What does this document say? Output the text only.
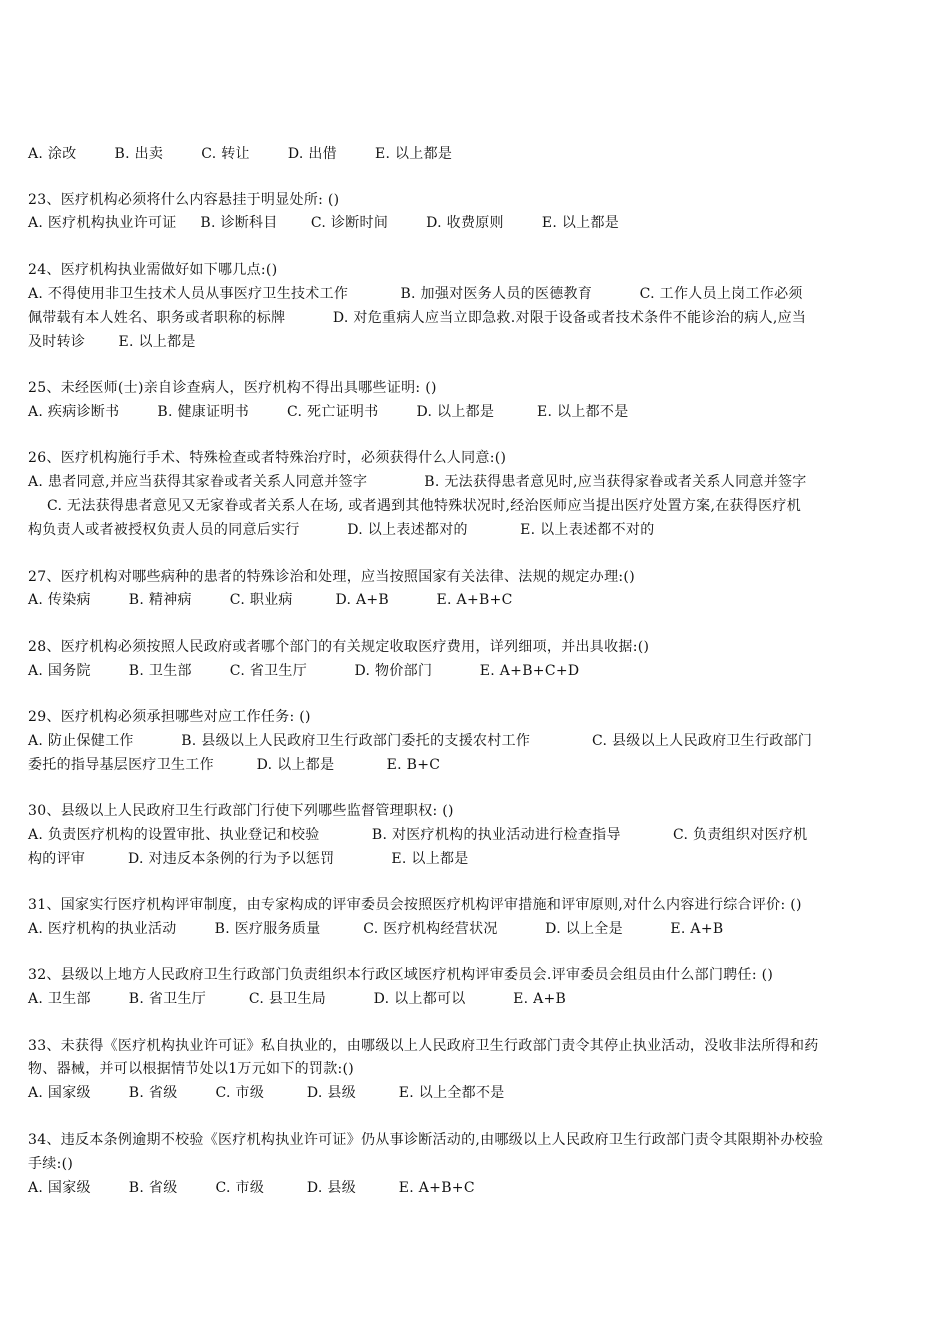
A. 涂改        B. 出卖        C. 转让        D. 出借        E. 以上都是
23、医疗机构必须将什么内容悬挂于明显处所: ()
A. 医疗机构执业许可证     B. 诊断科目       C. 诊断时间        D. 收费原则        E. 以上都是
24、医疗机构执业需做好如下哪几点:()
A. 不得使用非卫生技术人员从事医疗卫生技术工作           B. 加强对医务人员的医德教育          C. 工作人员上岗工作必须
佩带载有本人姓名、职务或者职称的标牌          D. 对危重病人应当立即急救.对限于设备或者技术条件不能诊治的病人,应当
及时转诊       E. 以上都是
25、未经医师(士)亲自诊查病人，医疗机构不得出具哪些证明: ()
A. 疾病诊断书        B. 健康证明书        C. 死亡证明书        D. 以上都是         E. 以上都不是
26、医疗机构施行手术、特殊检查或者特殊治疗时，必须获得什么人同意:()
A. 患者同意,并应当获得其家眷或者关系人同意并签字            B. 无法获得患者意见时,应当获得家眷或者关系人同意并签字
C. 无法获得患者意见又无家眷或者关系人在场, 或者遇到其他特殊状况时,经治医师应当提出医疗处置方案,在获得医疗机
构负责人或者被授权负责人员的同意后实行          D. 以上表述都对的           E. 以上表述都不对的
27、医疗机构对哪些病种的患者的特殊诊治和处理，应当按照国家有关法律、法规的规定办理:()
A. 传染病        B. 精神病        C. 职业病         D. A+B          E. A+B+C
28、医疗机构必须按照人民政府或者哪个部门的有关规定收取医疗费用，详列细项，并出具收据:()
A. 国务院        B. 卫生部        C. 省卫生厅          D. 物价部门          E. A+B+C+D
29、医疗机构必须承担哪些对应工作任务: ()
A. 防止保健工作          B. 县级以上人民政府卫生行政部门委托的支援农村工作             C. 县级以上人民政府卫生行政部门
委托的指导基层医疗卫生工作         D. 以上都是           E. B+C
30、县级以上人民政府卫生行政部门行使下列哪些监督管理职权: ()
A. 负责医疗机构的设置审批、执业登记和校验           B. 对医疗机构的执业活动进行检查指导           C. 负责组织对医疗机
构的评审         D. 对违反本条例的行为予以惩罚            E. 以上都是
31、国家实行医疗机构评审制度，由专家构成的评审委员会按照医疗机构评审措施和评审原则,对什么内容进行综合评价: ()
A. 医疗机构的执业活动        B. 医疗服务质量         C. 医疗机构经营状况          D. 以上全是          E. A+B
32、县级以上地方人民政府卫生行政部门负责组织本行政区域医疗机构评审委员会.评审委员会组员由什么部门聘任: ()
A. 卫生部        B. 省卫生厅         C. 县卫生局          D. 以上都可以          E. A+B
33、未获得《医疗机构执业许可证》私自执业的，由哪级以上人民政府卫生行政部门责令其停止执业活动，没收非法所得和药
物、器械，并可以根据情节处以1万元如下的罚款:()
A. 国家级        B. 省级        C. 市级         D. 县级         E. 以上全都不是
34、违反本条例逾期不校验《医疗机构执业许可证》仍从事诊断活动的,由哪级以上人民政府卫生行政部门责令其限期补办校验
手续:()
A. 国家级        B. 省级        C. 市级         D. 县级         E. A+B+C
